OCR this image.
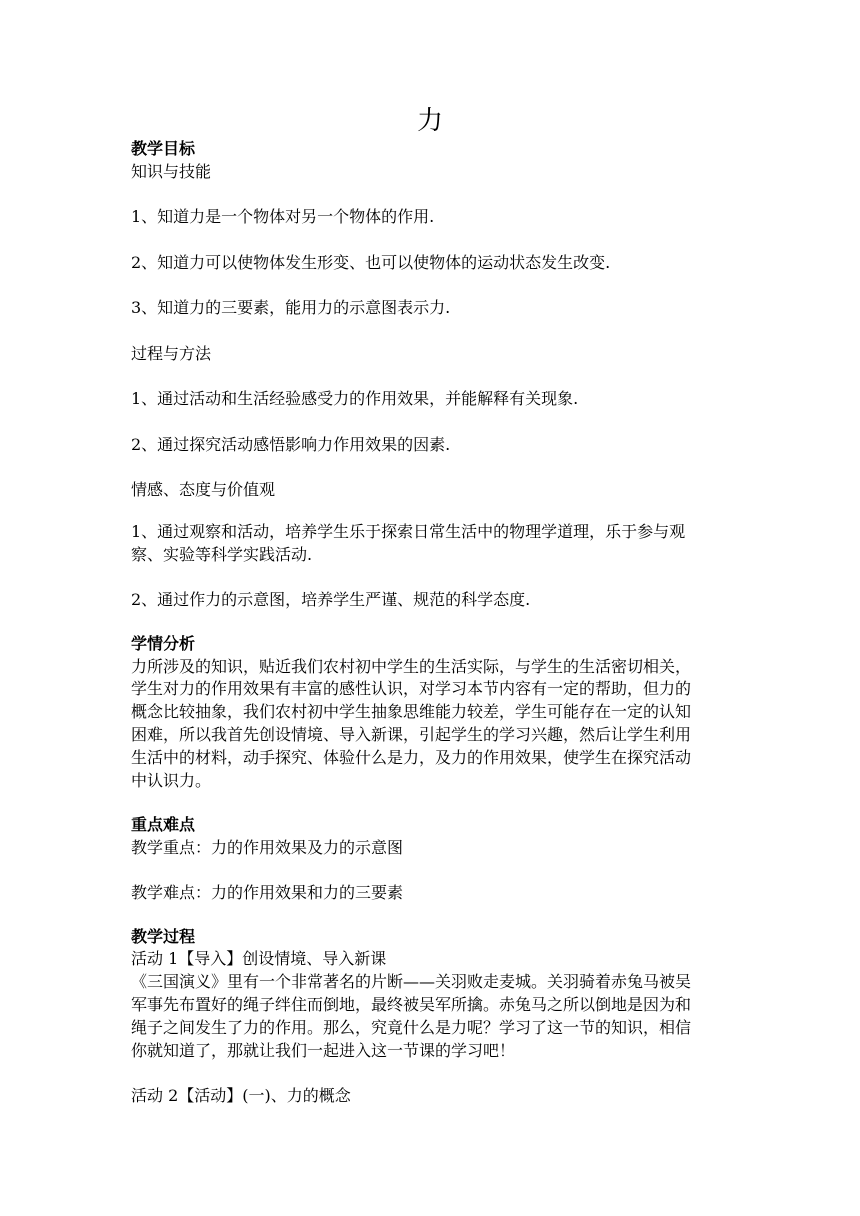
力
教学目标
知识与技能
1、知道力是一个物体对另一个物体的作用.
2、知道力可以使物体发生形变、也可以使物体的运动状态发生改变.
3、知道力的三要素，能用力的示意图表示力.
过程与方法
1、通过活动和生活经验感受力的作用效果，并能解释有关现象.
2、通过探究活动感悟影响力作用效果的因素.
情感、态度与价值观
1、通过观察和活动，培养学生乐于探索日常生活中的物理学道理，乐于参与观
察、实验等科学实践活动.
2、通过作力的示意图，培养学生严谨、规范的科学态度.
学情分析
力所涉及的知识，贴近我们农村初中学生的生活实际，与学生的生活密切相关，
学生对力的作用效果有丰富的感性认识，对学习本节内容有一定的帮助，但力的
概念比较抽象，我们农村初中学生抽象思维能力较差，学生可能存在一定的认知
困难，所以我首先创设情境、导入新课，引起学生的学习兴趣，然后让学生利用
生活中的材料，动手探究、体验什么是力，及力的作用效果，使学生在探究活动
中认识力。
重点难点
教学重点：力的作用效果及力的示意图
教学难点：力的作用效果和力的三要素
教学过程
活动 1【导入】创设情境、导入新课
《三国演义》里有一个非常著名的片断——关羽败走麦城。关羽骑着赤兔马被吴
军事先布置好的绳子绊住而倒地，最终被吴军所擒。赤兔马之所以倒地是因为和
绳子之间发生了力的作用。那么，究竟什么是力呢？学习了这一节的知识，相信
你就知道了，那就让我们一起进入这一节课的学习吧！
活动 2【活动】(一)、力的概念
